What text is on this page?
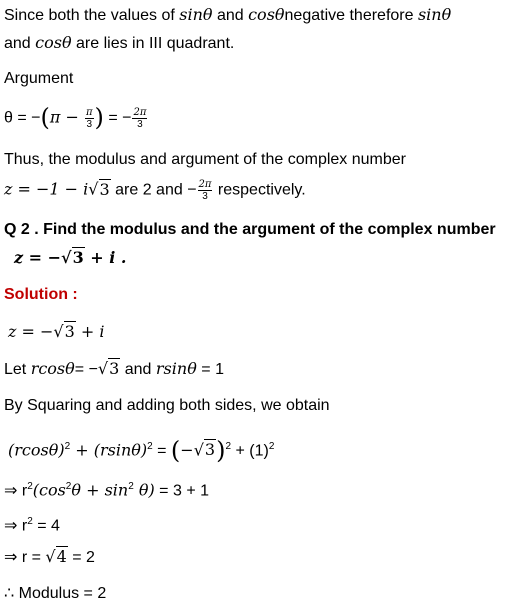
Since both the values of sinθ and cosθnegative therefore sinθ
and cosθ are lies in III quadrant.
Argument
$\theta = -(\pi - \frac{\pi}{3}$ ) = − $\frac{2\pi}{3}$
Thus, the modulus and argument of the complex number
z = −1 − i√3 are 2 and − $\frac{2\pi}{3}$ respectively.
Q 2 . Find the modulus and the argument of the complex number
z = −√3 + i .
Solution :
z = −√3 + i
Let rcosθ= −√3 and rsinθ = 1
By Squaring and adding both sides, we obtain
$(rcos\theta)^2 + (rsin\theta)^2 = (-√3)^2 + (1)^2$
⇒ $r^2(\cos^2\theta + \sin^2 \theta) = 3 + 1$
⇒ $r^2 = 4$
⇒ r = √4 = 2
∴ Modulus = 2
